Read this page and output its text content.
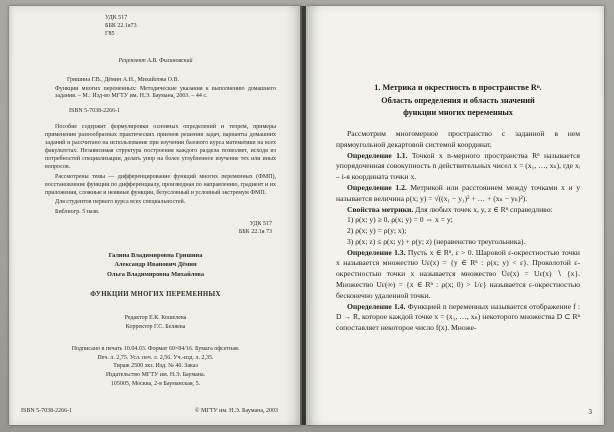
УДК 517
ББК 22.1я73
Г85
Рецензент А.В. Филиновский
Гришина Г.В., Дёмин А.Н., Михайлова О.В.
Функции многих переменных: Методические указания к выполнению домашнего задания. – М.: Изд-во МГТУ им. Н.Э. Баумана, 2003. – 44 с.
ISBN 5-7038-2266-1

Пособие содержит формулировки основных определений и теорем, примеры применения разнообразных практических приемов решения задач, варианты домашних заданий и рассчитано на использование при изучении базового курса математики на всех факультетах. Независимая структура построения каждого раздела позволяет, исходя из потребностей специализации, делать упор на более углубленное изучение тех или иных вопросов.

Рассмотрены темы — дифференцирование функций многих переменных (ФМП), восстановление функции по дифференциалу, производная по направлению, градиент и их приложения, сложные и неявные функции, безусловный и условный экстремум ФМП.

Для студентов первого курса всех специальностей.

Библиогр. 5 назв.

УДК 517
ББК 22.1я 73
Галина Владимировна Гришина
Александр Иванович Дёмин
Ольга Владимировна Михайлова
ФУНКЦИИ МНОГИХ ПЕРЕМЕННЫХ
Редактор Е.К. Кошелева
Корректор Г.С. Беляева
Подписано в печать 10.04.03. Формат 60×84/16. Бумага офсетная.
Печ. л. 2,75. Усл. печ. л. 2,56. Уч.-изд. л. 2,35.
Тираж 2500 экз. Изд. № 40. Заказ
Издательство МГТУ им. Н.Э. Баумана.
105005, Москва, 2-я Бауманская, 5.
ISBN 5-7038-2266-1	© МГТУ им. Н.Э. Баумана, 2003
1. Метрика и окрестность в пространстве Rⁿ.
Область определения и область значений
функции многих переменных

Рассмотрим многомерное пространство с заданной в нем прямоугольной декартовой системой координат.

Определение 1.1. Точкой x n-мерного пространства Rⁿ называется упорядоченная совокупность n действительных чисел x = (x₁, …, xₙ), где xᵢ – i-я координата точки x.

Определение 1.2. Метрикой или расстоянием между точками x и y называется величина ρ(x; y) = √((x₁ − y₁)² + … + (xₙ − yₙ)²).

Свойства метрики. Для любых точек x, y, z ∈ Rⁿ справедливо:

1) ρ(x; y) ≥ 0, ρ(x; y) = 0 ⇔ x = y;

2) ρ(x; y) = ρ(y; x);

3) ρ(x; z) ≤ ρ(x; y) + ρ(y; z) (неравенство треугольника).

Определение 1.3. Пусть x ∈ Rⁿ, ε > 0. Шаровой ε-окрестностью точки x называется множество Uε(x) = {y ∈ Rⁿ : ρ(x; y) < ε}. Проколотой ε-окрестностью точки x называется множество U̇ε(x) = Uε(x) ∖ {x}. Множество Uε(∞) = {x ∈ Rⁿ : ρ(x; 0) > 1/ε} называется ε-окрестностью бесконечно удаленной точки.

Определение 1.4. Функцией n переменных называется отображение f : D → R, которое каждой точке x = (x₁, …, xₙ) некоторого множества D ⊂ Rⁿ сопоставляет некоторое число f(x). Множе-

3
